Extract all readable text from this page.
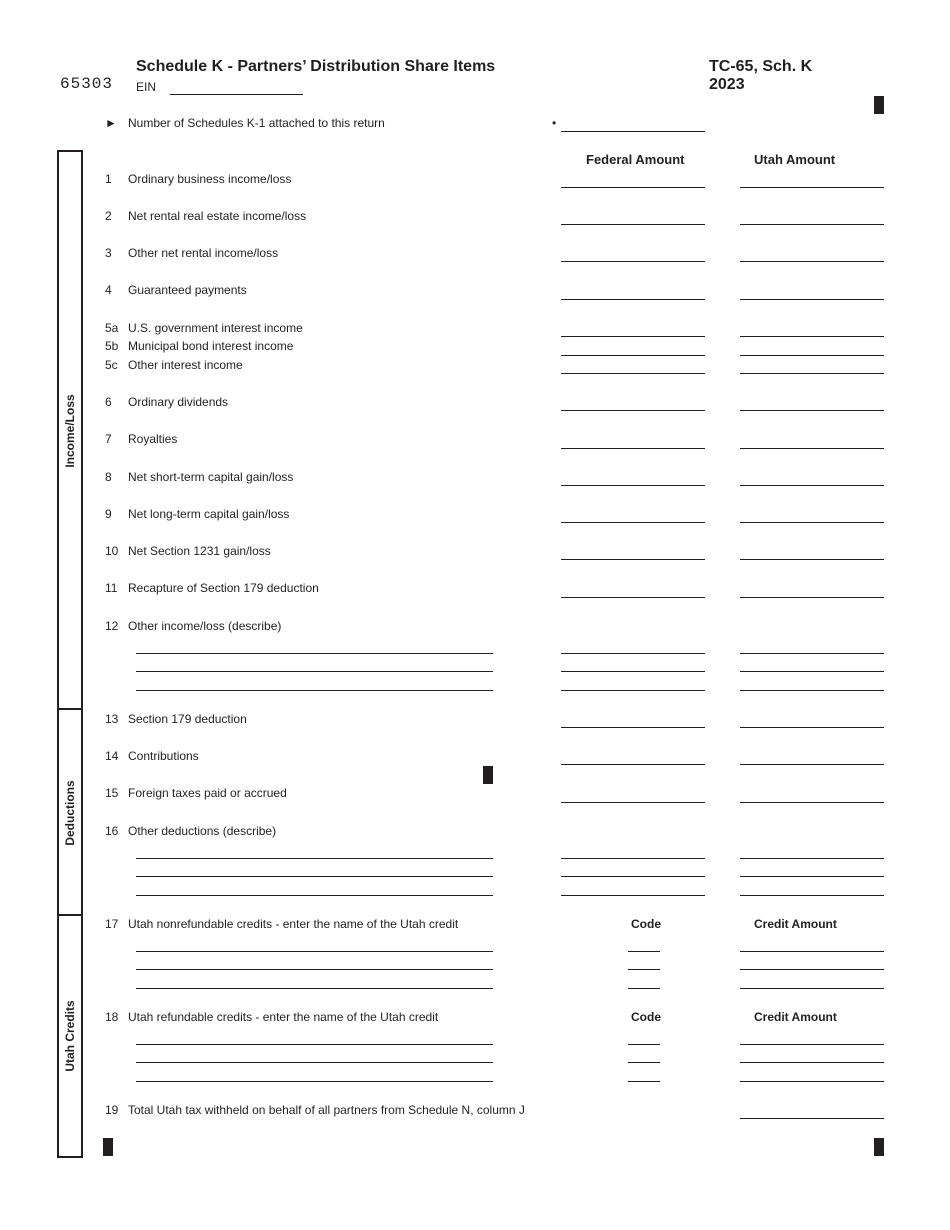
65303
Schedule K - Partners’ Distribution Share Items
EIN
TC-65, Sch. K
2023
► Number of Schedules K-1 attached to this return	•
Federal Amount	Utah Amount
Income/Loss
Deductions
Utah Credits
1 Ordinary business income/loss
2 Net rental real estate income/loss
3 Other net rental income/loss
4 Guaranteed payments
5a U.S. government interest income
5b Municipal bond interest income
5c Other interest income
6 Ordinary dividends
7 Royalties
8 Net short-term capital gain/loss
9 Net long-term capital gain/loss
10 Net Section 1231 gain/loss
11 Recapture of Section 179 deduction
12 Other income/loss (describe)
13 Section 179 deduction
14 Contributions
15 Foreign taxes paid or accrued
16 Other deductions (describe)
17 Utah nonrefundable credits - enter the name of the Utah credit	Code	Credit Amount
18 Utah refundable credits - enter the name of the Utah credit	Code	Credit Amount
19 Total Utah tax withheld on behalf of all partners from Schedule N, column J
